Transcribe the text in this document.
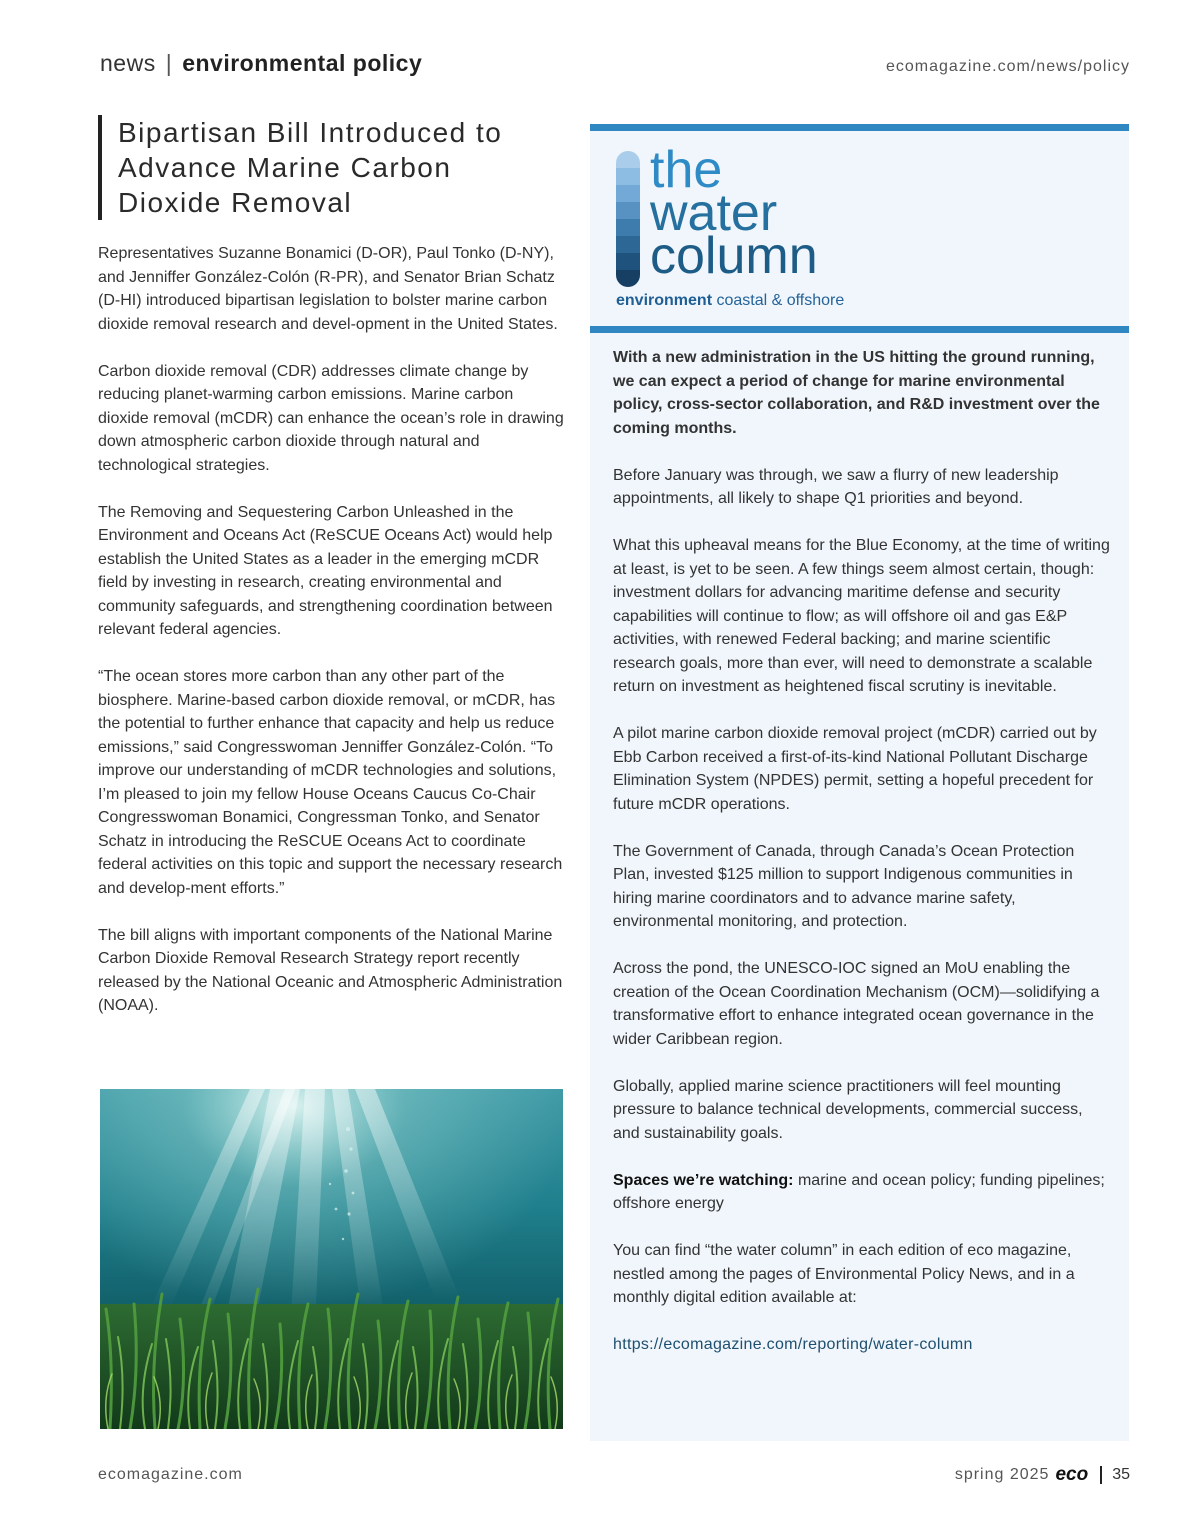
news | environmental policy	ecomagazine.com/news/policy
Bipartisan Bill Introduced to Advance Marine Carbon Dioxide Removal

Representatives Suzanne Bonamici (D-OR), Paul Tonko (D-NY), and Jenniffer González-Colón (R-PR), and Senator Brian Schatz (D-HI) introduced bipartisan legislation to bolster marine carbon dioxide removal research and devel-opment in the United States.

Carbon dioxide removal (CDR) addresses climate change by reducing planet-warming carbon emissions. Marine carbon dioxide removal (mCDR) can enhance the ocean’s role in drawing down atmospheric carbon dioxide through natural and technological strategies.

The Removing and Sequestering Carbon Unleashed in the Environment and Oceans Act (ReSCUE Oceans Act) would help establish the United States as a leader in the emerging mCDR field by investing in research, creating environmental and community safeguards, and strengthening coordination between relevant federal agencies.

“The ocean stores more carbon than any other part of the biosphere. Marine-based carbon dioxide removal, or mCDR, has the potential to further enhance that capacity and help us reduce emissions,” said Congresswoman Jenniffer González-Colón. “To improve our understanding of mCDR technologies and solutions, I’m pleased to join my fellow House Oceans Caucus Co-Chair Congresswoman Bonamici, Congressman Tonko, and Senator Schatz in introducing the ReSCUE Oceans Act to coordinate federal activities on this topic and support the necessary research and develop-ment efforts.”

The bill aligns with important components of the National Marine Carbon Dioxide Removal Research Strategy report recently released by the National Oceanic and Atmospheric Administration (NOAA).

the
water
column
environment coastal & offshore

With a new administration in the US hitting the ground running, we can expect a period of change for marine environmental policy, cross-sector collaboration, and R&D investment over the coming months.

Before January was through, we saw a flurry of new leadership appointments, all likely to shape Q1 priorities and beyond.

What this upheaval means for the Blue Economy, at the time of writing at least, is yet to be seen. A few things seem almost certain, though: investment dollars for advancing maritime defense and security capabilities will continue to flow; as will offshore oil and gas E&P activities, with renewed Federal backing; and marine scientific research goals, more than ever, will need to demonstrate a scalable return on investment as heightened fiscal scrutiny is inevitable.

A pilot marine carbon dioxide removal project (mCDR) carried out by Ebb Carbon received a first-of-its-kind National Pollutant Discharge Elimination System (NPDES) permit, setting a hopeful precedent for future mCDR operations.

The Government of Canada, through Canada’s Ocean Protection Plan, invested $125 million to support Indigenous communities in hiring marine coordinators and to advance marine safety, environmental monitoring, and protection.

Across the pond, the UNESCO-IOC signed an MoU enabling the creation of the Ocean Coordination Mechanism (OCM)—solidifying a transformative effort to enhance integrated ocean governance in the wider Caribbean region.

Globally, applied marine science practitioners will feel mounting pressure to balance technical developments, commercial success, and sustainability goals.

Spaces we’re watching: marine and ocean policy; funding pipelines; offshore energy

You can find “the water column” in each edition of eco magazine, nestled among the pages of Environmental Policy News, and in a monthly digital edition available at:

https://ecomagazine.com/reporting/water-column

ecomagazine.com	spring 2025 eco 35
